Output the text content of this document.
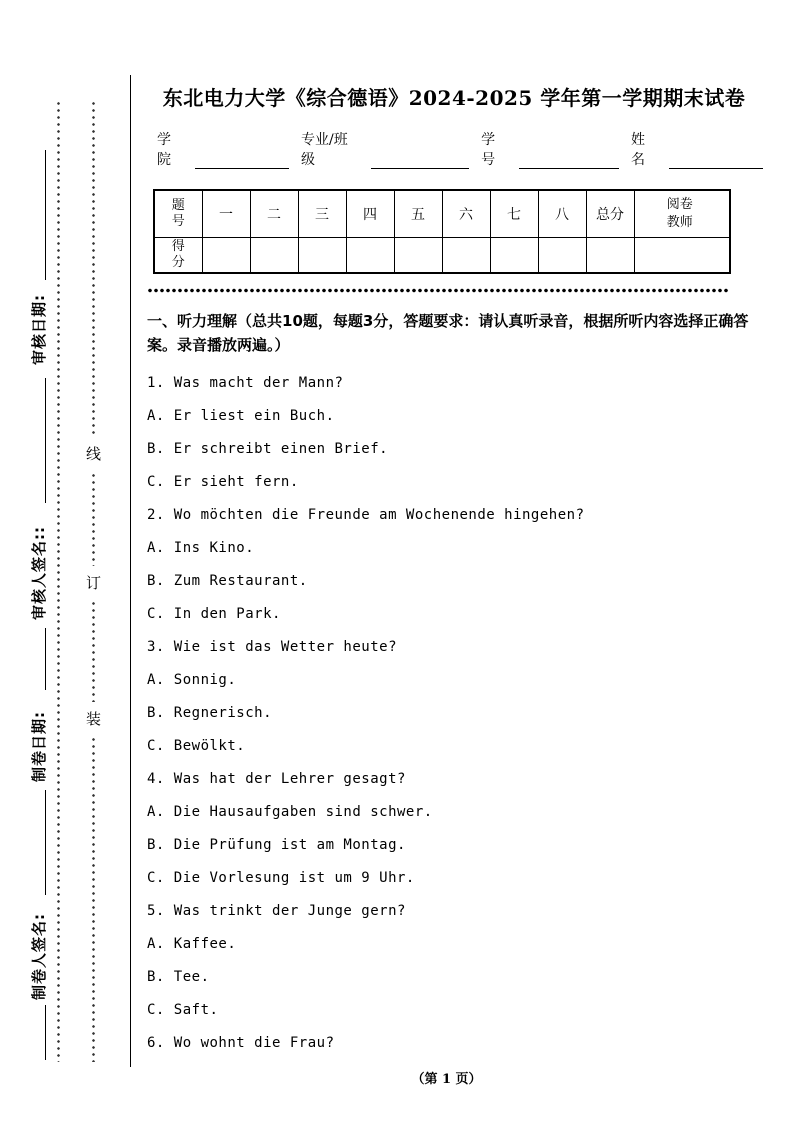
审核日期:
审核人签名::
制卷日期:
制卷人签名:
线
订
装
东北电力大学《综合德语》2024-2025 学年第一学期期末试卷
学院
专业/班级
学号
姓名
题号	一	二	三	四	五	六	七	八	总分	阅卷教师
得分										
一、听力理解（总共10题，每题3分，答题要求：请认真听录音，根据所听内容选择正确答案。录音播放两遍。）
1. Was macht der Mann?
A. Er liest ein Buch.
B. Er schreibt einen Brief.
C. Er sieht fern.
2. Wo möchten die Freunde am Wochenende hingehen?
A. Ins Kino.
B. Zum Restaurant.
C. In den Park.
3. Wie ist das Wetter heute?
A. Sonnig.
B. Regnerisch.
C. Bewölkt.
4. Was hat der Lehrer gesagt?
A. Die Hausaufgaben sind schwer.
B. Die Prüfung ist am Montag.
C. Die Vorlesung ist um 9 Uhr.
5. Was trinkt der Junge gern?
A. Kaffee.
B. Tee.
C. Saft.
6. Wo wohnt die Frau?
（第 1 页）
